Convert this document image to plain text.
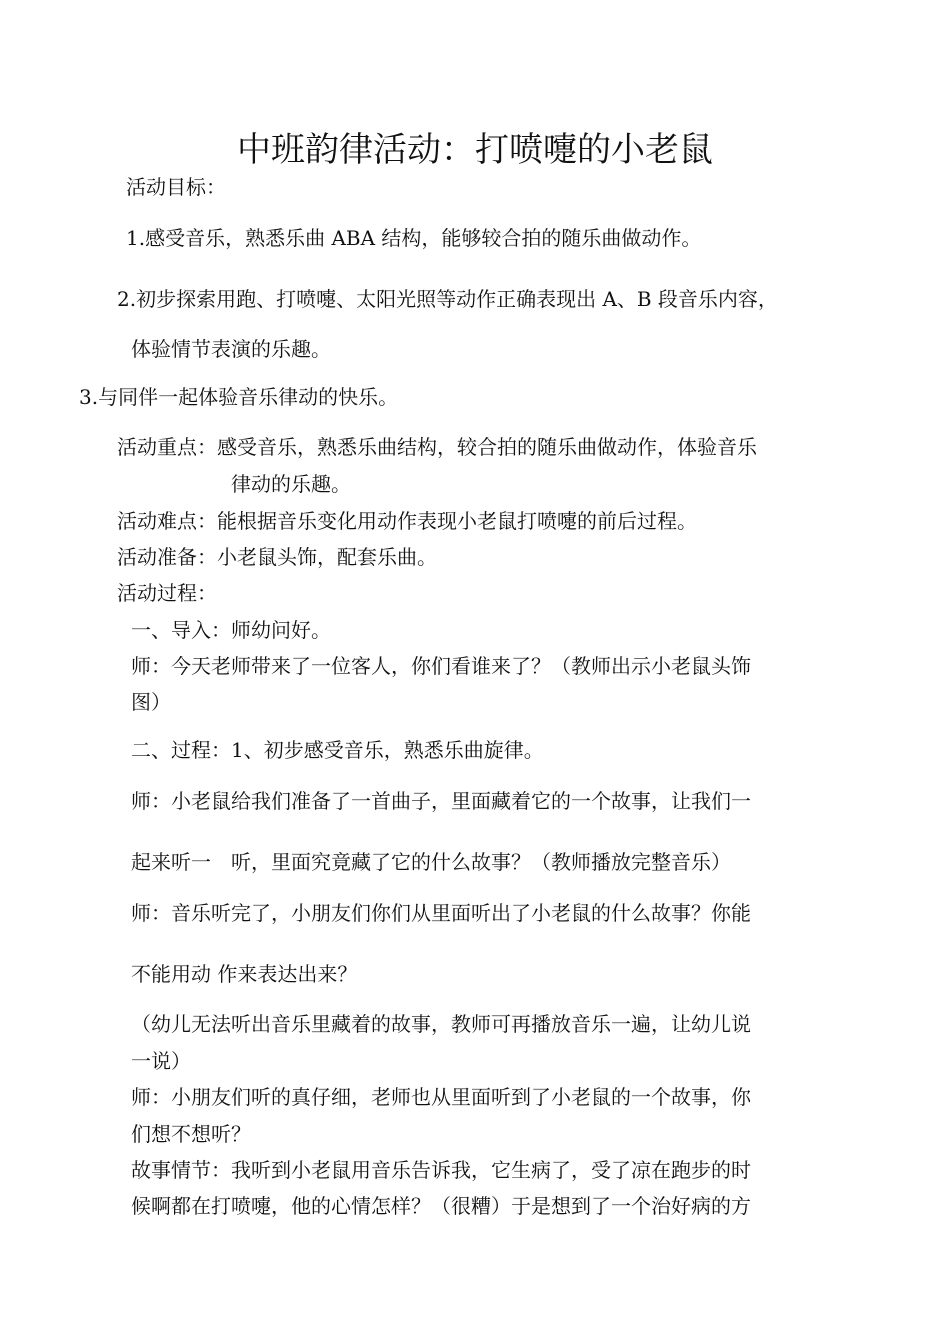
中班韵律活动：打喷嚏的小老鼠
活动目标：
1.感受音乐，熟悉乐曲 ABA 结构，能够较合拍的随乐曲做动作。
2.初步探索用跑、打喷嚏、太阳光照等动作正确表现出 A、B 段音乐内容，
体验情节表演的乐趣。
3.与同伴一起体验音乐律动的快乐。
活动重点：感受音乐，熟悉乐曲结构，较合拍的随乐曲做动作，体验音乐
律动的乐趣。
活动难点：能根据音乐变化用动作表现小老鼠打喷嚏的前后过程。
活动准备：小老鼠头饰，配套乐曲。
活动过程：
一、导入：师幼问好。
师：今天老师带来了一位客人，你们看谁来了？（教师出示小老鼠头饰
图）
二、过程：1、初步感受音乐，熟悉乐曲旋律。
师：小老鼠给我们准备了一首曲子，里面藏着它的一个故事，让我们一
起来听一　听，里面究竟藏了它的什么故事？（教师播放完整音乐）
师：音乐听完了，小朋友们你们从里面听出了小老鼠的什么故事？你能
不能用动 作来表达出来？
（幼儿无法听出音乐里藏着的故事，教师可再播放音乐一遍，让幼儿说
一说）
师：小朋友们听的真仔细，老师也从里面听到了小老鼠的一个故事，你
们想不想听？
故事情节：我听到小老鼠用音乐告诉我，它生病了，受了凉在跑步的时
候啊都在打喷嚏，他的心情怎样？（很糟）于是想到了一个治好病的方
